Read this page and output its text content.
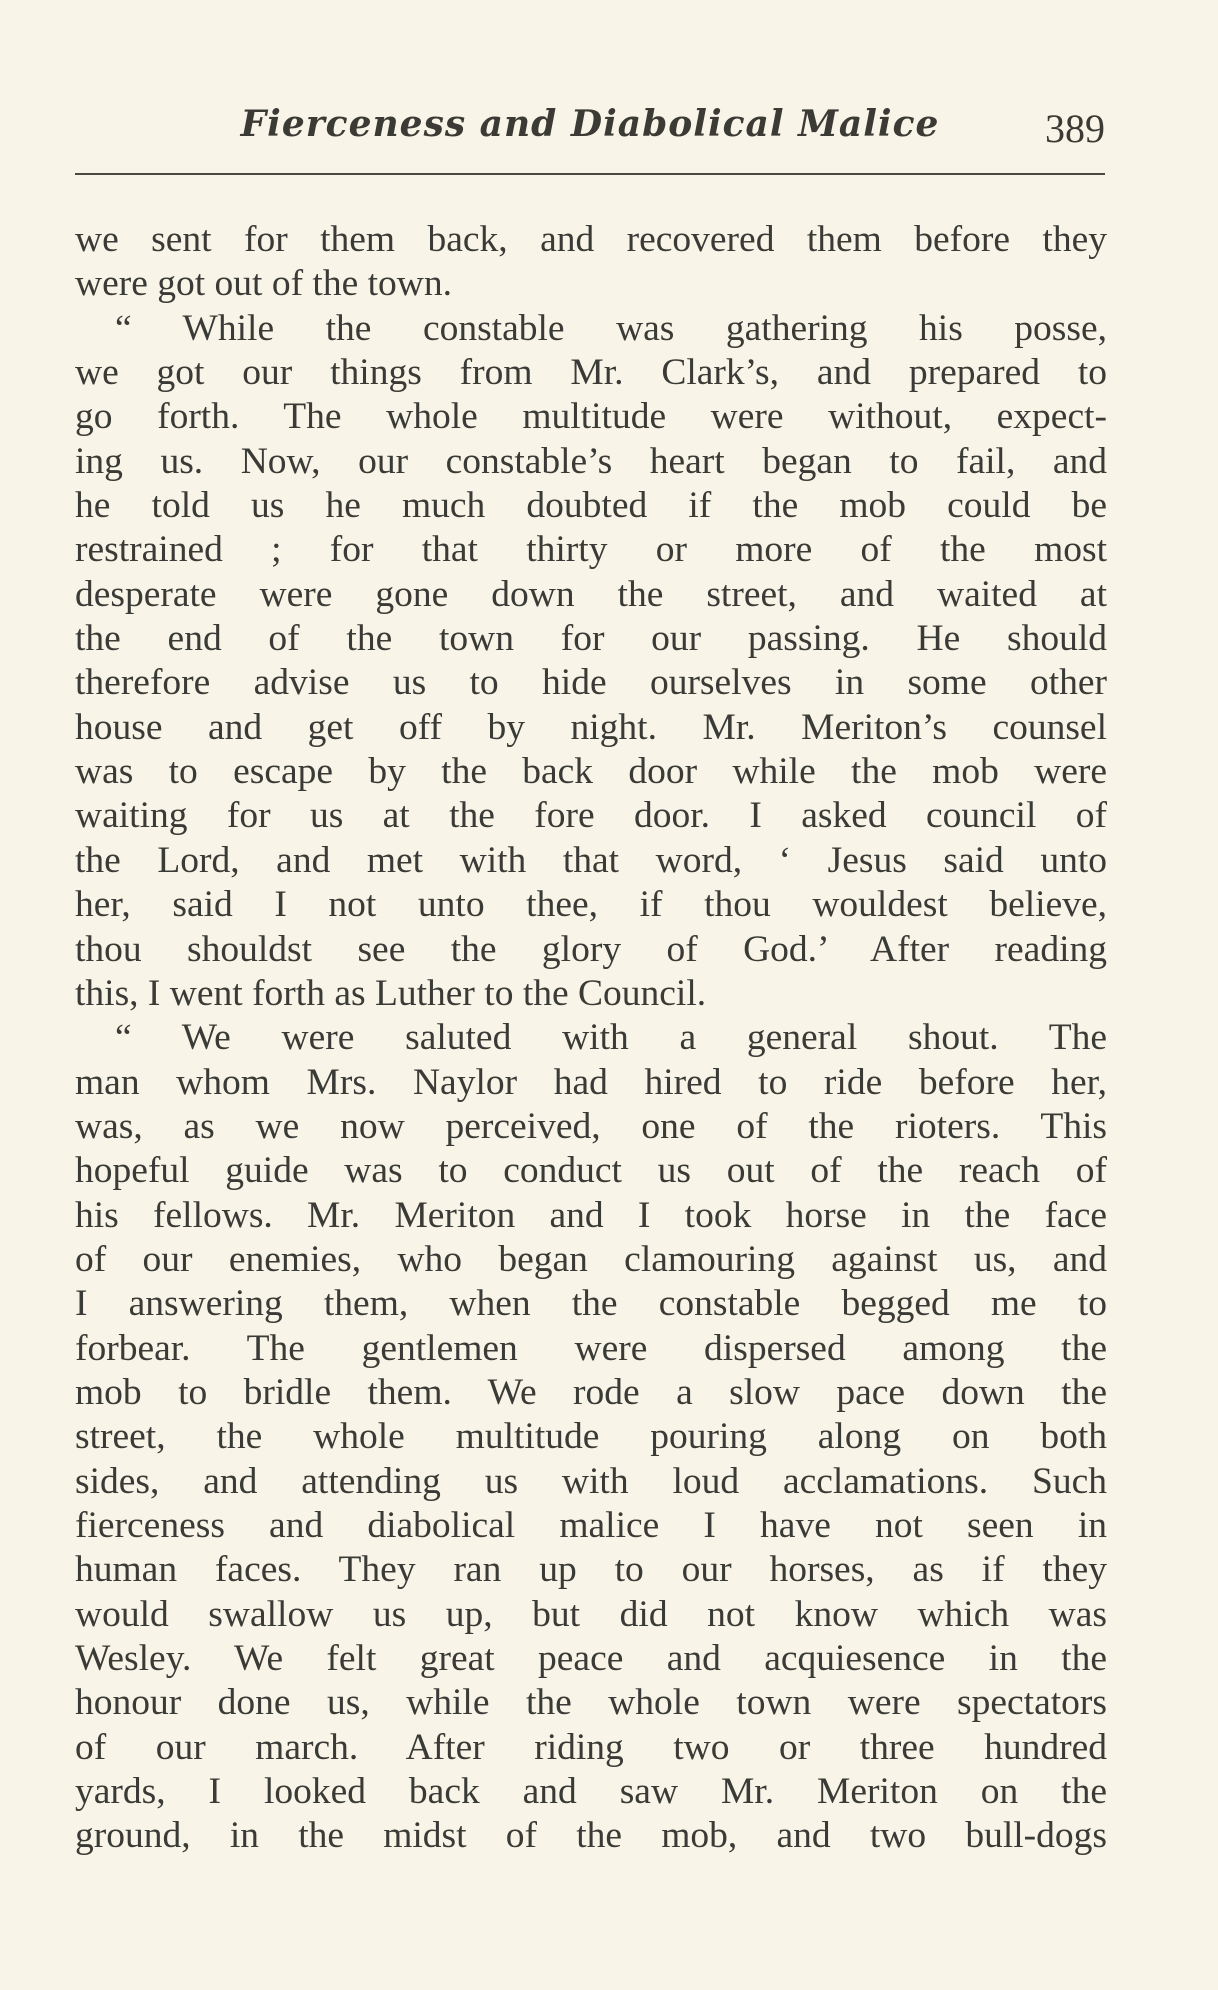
Fierceness and Diabolical Malice	389
we sent for them back, and recovered them before they
were got out of the town.
“ While the constable was gathering his posse,
we got our things from Mr. Clark’s, and prepared to
go forth. The whole multitude were without, expect-
ing us. Now, our constable’s heart began to fail, and
he told us he much doubted if the mob could be
restrained ; for that thirty or more of the most
desperate were gone down the street, and waited at
the end of the town for our passing. He should
therefore advise us to hide ourselves in some other
house and get off by night. Mr. Meriton’s counsel
was to escape by the back door while the mob were
waiting for us at the fore door. I asked council of
the Lord, and met with that word, ‘ Jesus said unto
her, said I not unto thee, if thou wouldest believe,
thou shouldst see the glory of God.’ After reading
this, I went forth as Luther to the Council.
“ We were saluted with a general shout. The
man whom Mrs. Naylor had hired to ride before her,
was, as we now perceived, one of the rioters. This
hopeful guide was to conduct us out of the reach of
his fellows. Mr. Meriton and I took horse in the face
of our enemies, who began clamouring against us, and
I answering them, when the constable begged me to
forbear. The gentlemen were dispersed among the
mob to bridle them. We rode a slow pace down the
street, the whole multitude pouring along on both
sides, and attending us with loud acclamations. Such
fierceness and diabolical malice I have not seen in
human faces. They ran up to our horses, as if they
would swallow us up, but did not know which was
Wesley. We felt great peace and acquiesence in the
honour done us, while the whole town were spectators
of our march. After riding two or three hundred
yards, I looked back and saw Mr. Meriton on the
ground, in the midst of the mob, and two bull-dogs
